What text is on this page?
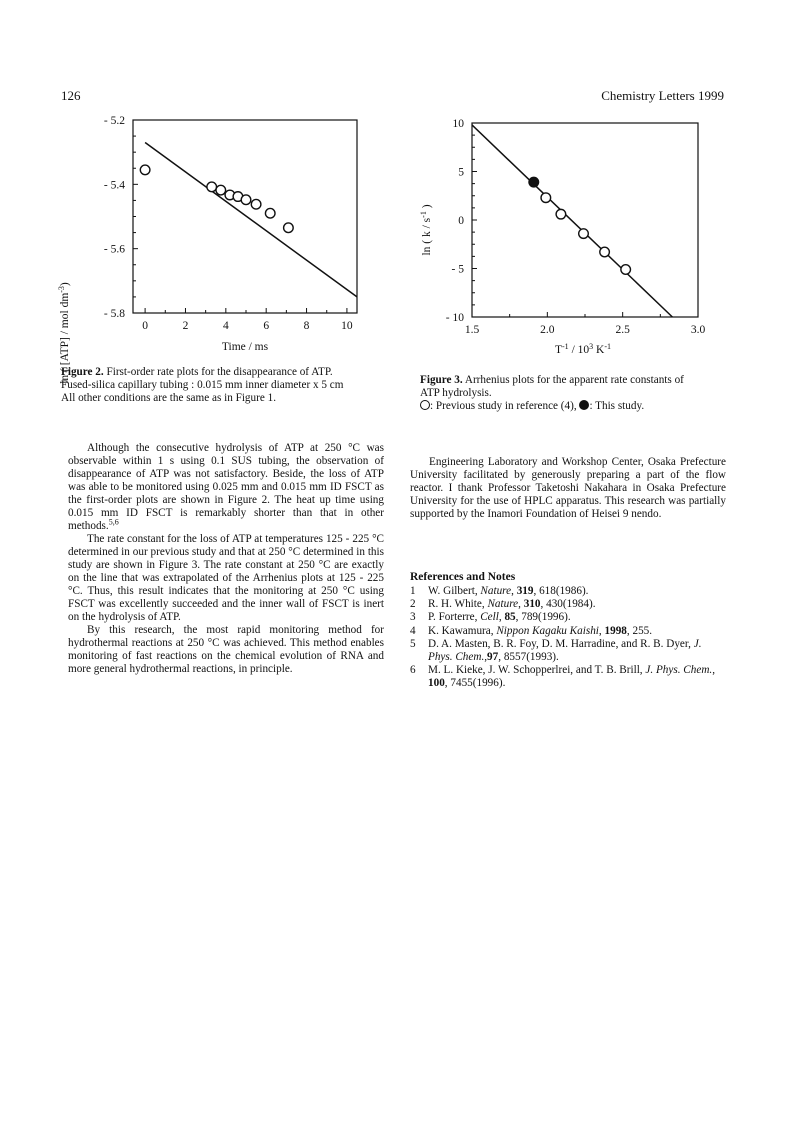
126	Chemistry Letters 1999
0	2	4	6	8	10
- 5.2
- 5.4
- 5.6
- 5.8
Time / ms
ln ( [ATP] / mol $dm^{-3}$)
1.5	2.0	2.5	3.0
10
5
0
- 5
- 10
$T^{-1} / 10^3$ $K^{-1}$
ln ( k / $s^{-1}$ )
Figure 2. First-order rate plots for the disappearance of ATP.
Fused-silica capillary tubing : 0.015 mm inner diameter x 5 cm
All other conditions are the same as in Figure 1.
Figure 3. Arrhenius plots for the apparent rate constants of
ATP hydrolysis.
: Previous study in reference (4), : This study.

Although the consecutive hydrolysis of ATP at 250 °C was observable within 1 s using 0.1 SUS tubing, the observation of disappearance of ATP was not satisfactory. Beside, the loss of ATP was able to be monitored using 0.025 mm and 0.015 mm ID FSCT as the first-order plots are shown in Figure 2. The heat up time using 0.015 mm ID FSCT is remarkably shorter than that in other methods.$^{5,6}$

The rate constant for the loss of ATP at temperatures 125 - 225 °C determined in our previous study and that at 250 °C determined in this study are shown in Figure 3. The rate constant at 250 °C are exactly on the line that was extrapolated of the Arrhenius plots at 125 - 225 °C. Thus, this result indicates that the monitoring at 250 °C using FSCT was excellently succeeded and the inner wall of FSCT is inert on the hydrolysis of ATP.

By this research, the most rapid monitoring method for hydrothermal reactions at 250 °C was achieved. This method enables monitoring of fast reactions on the chemical evolution of RNA and more general hydrothermal reactions, in principle.

Engineering Laboratory and Workshop Center, Osaka Prefecture University facilitated by generously preparing a part of the flow reactor. I thank Professor Taketoshi Nakahara in Osaka Prefecture University for the use of HPLC apparatus. This research was partially supported by the Inamori Foundation of Heisei 9 nendo.

References and Notes
1	W. Gilbert, Nature, 319, 618(1986).
2	R. H. White, Nature, 310, 430(1984).
3	P. Forterre, Cell, 85, 789(1996).
4	K. Kawamura, Nippon Kagaku Kaishi, 1998, 255.
5	D. A. Masten, B. R. Foy, D. M. Harradine, and R. B. Dyer, J. Phys. Chem.,97, 8557(1993).
6	M. L. Kieke, J. W. Schopperlrei, and T. B. Brill, J. Phys. Chem., 100, 7455(1996).
